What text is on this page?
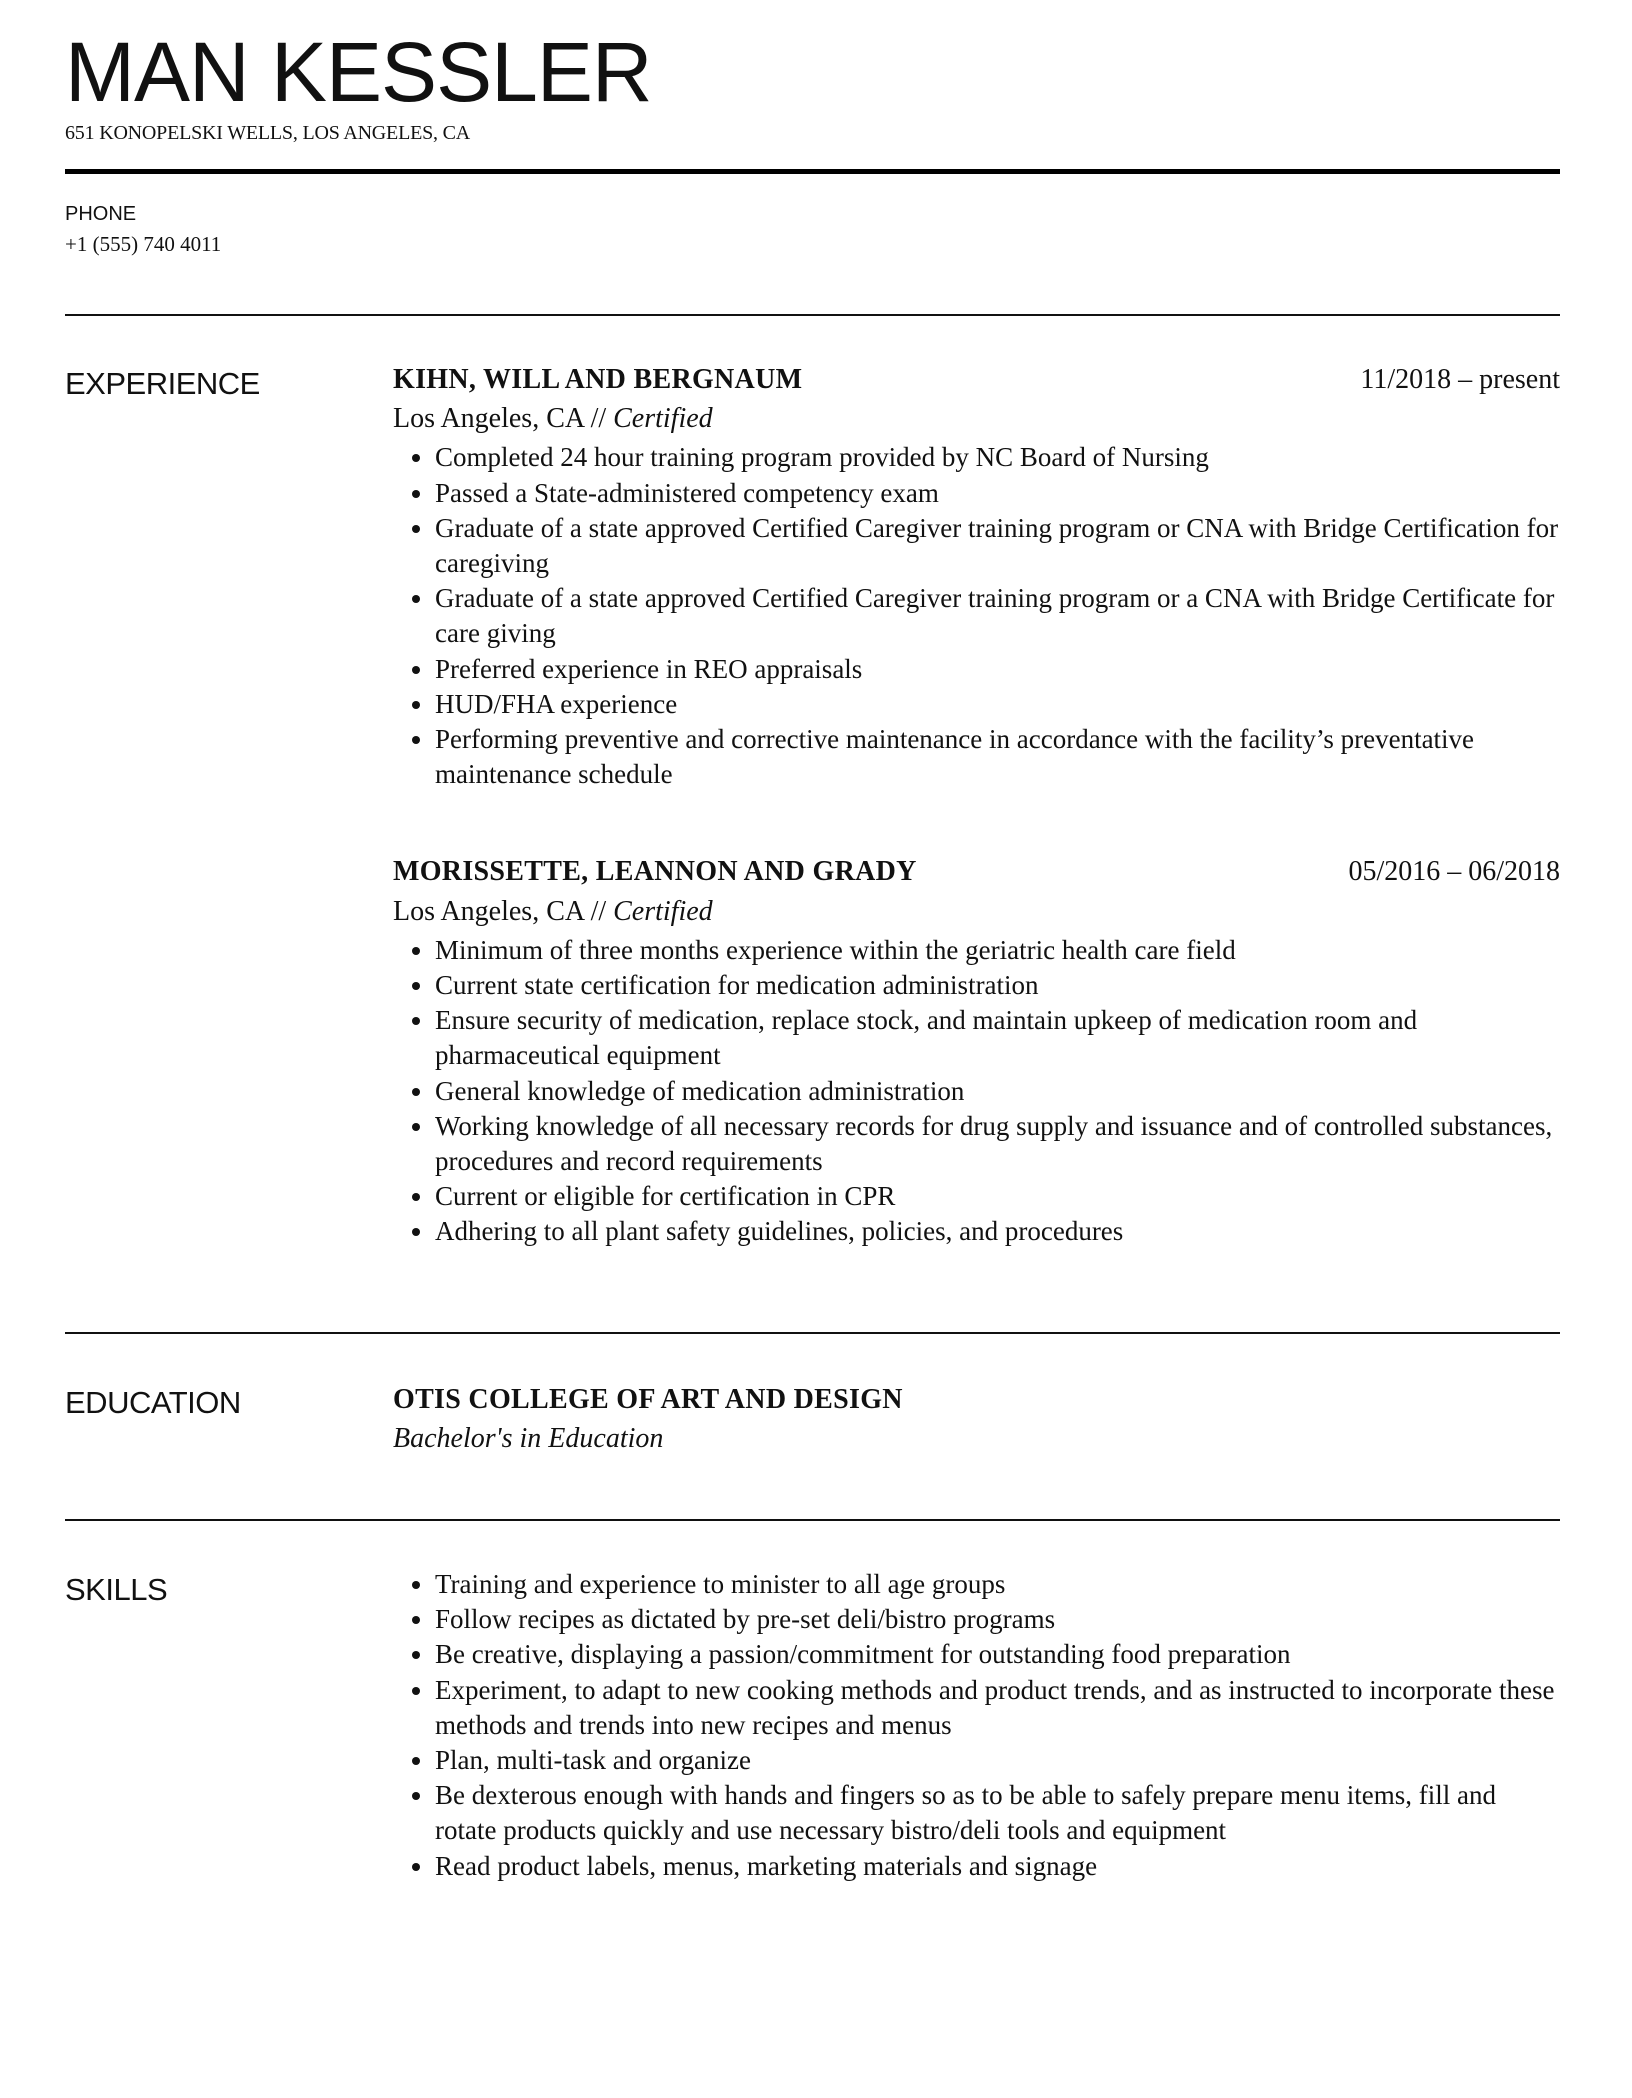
MAN KESSLER
651 KONOPELSKI WELLS, LOS ANGELES, CA
PHONE
+1 (555) 740 4011
EXPERIENCE	KIHN, WILL AND BERGNAUM	11/2018 – present
Los Angeles, CA // Certified
• Completed 24 hour training program provided by NC Board of Nursing
• Passed a State-administered competency exam
• Graduate of a state approved Certified Caregiver training program or CNA with Bridge Certification for caregiving
• Graduate of a state approved Certified Caregiver training program or a CNA with Bridge Certificate for care giving
• Preferred experience in REO appraisals
• HUD/FHA experience
• Performing preventive and corrective maintenance in accordance with the facility’s preventative maintenance schedule
MORISSETTE, LEANNON AND GRADY	05/2016 – 06/2018
Los Angeles, CA // Certified
• Minimum of three months experience within the geriatric health care field
• Current state certification for medication administration
• Ensure security of medication, replace stock, and maintain upkeep of medication room and pharmaceutical equipment
• General knowledge of medication administration
• Working knowledge of all necessary records for drug supply and issuance and of controlled substances, procedures and record requirements
• Current or eligible for certification in CPR
• Adhering to all plant safety guidelines, policies, and procedures
EDUCATION	OTIS COLLEGE OF ART AND DESIGN
Bachelor's in Education
SKILLS	• Training and experience to minister to all age groups
• Follow recipes as dictated by pre-set deli/bistro programs
• Be creative, displaying a passion/commitment for outstanding food preparation
• Experiment, to adapt to new cooking methods and product trends, and as instructed to incorporate these methods and trends into new recipes and menus
• Plan, multi-task and organize
• Be dexterous enough with hands and fingers so as to be able to safely prepare menu items, fill and rotate products quickly and use necessary bistro/deli tools and equipment
• Read product labels, menus, marketing materials and signage
